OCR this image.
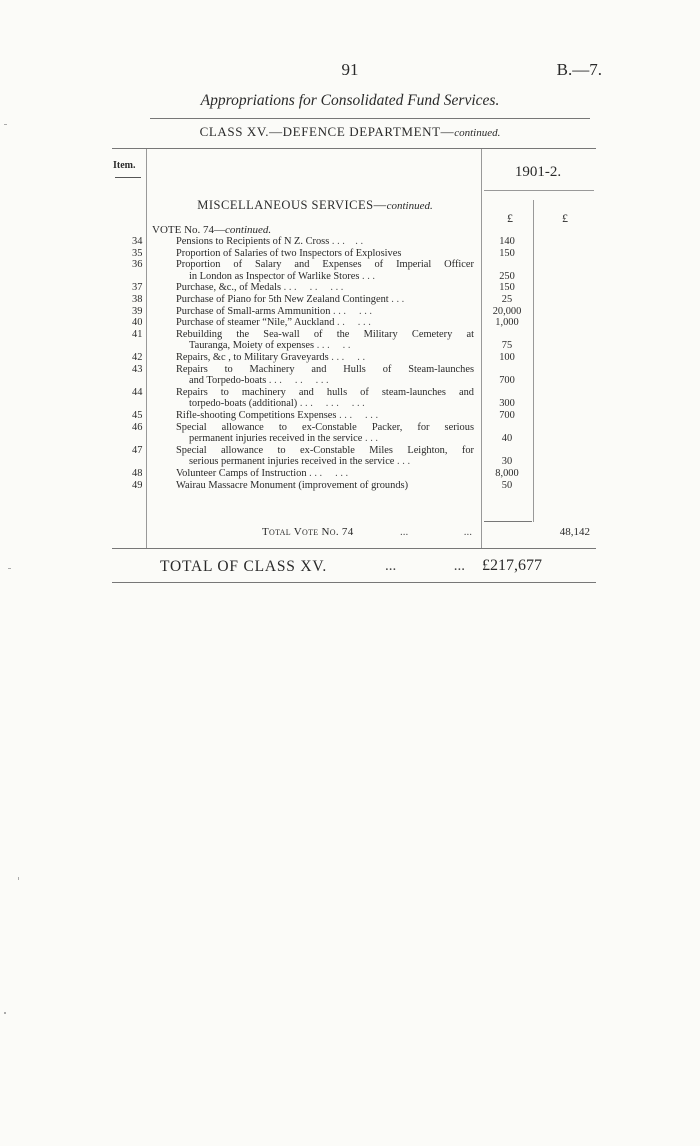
91	B.—7.
Appropriations for Consolidated Fund Services.
CLASS XV.—DEFENCE DEPARTMENT—continued.
Item.	1901-2.
MISCELLANEOUS SERVICES—continued.
£	£
VOTE No. 74—continued.
34	Pensions to Recipients of N Z. Cross . . .    . .	140
35	Proportion of Salaries of two Inspectors of Explosives	150
36	Proportion of Salary and Expenses of Imperial Officer
in London as Inspector of Warlike Stores . . .	250
37	Purchase, &c., of Medals . . .     . .     . . .	150
38	Purchase of Piano for 5th New Zealand Contingent . . .	25
39	Purchase of Small-arms Ammunition . . .     . . .	20,000
40	Purchase of steamer “Nile,” Auckland . .     . . .	1,000
41	Rebuilding the Sea-wall of the Military Cemetery at
Tauranga, Moiety of expenses . . .     . .	75
42	Repairs, &c , to Military Graveyards . . .     . .	100
43	Repairs to Machinery and Hulls of Steam-launches
and Torpedo-boats . . .     . .     . . .	700
44	Repairs to machinery and hulls of steam-launches and
torpedo-boats (additional) . . .     . . .     . . .	300
45	Rifle-shooting Competitions Expenses . . .     . . .	700
46	Special allowance to ex-Constable Packer, for serious
permanent injuries received in the service . . .	40
47	Special allowance to ex-Constable Miles Leighton, for
serious permanent injuries received in the service . . .	30
48	Volunteer Camps of Instruction . . .     . . .	8,000
49	Wairau Massacre Monument (improvement of grounds)	50
Total Vote No. 74	...	...	48,142
TOTAL OF CLASS XV.	...	... £217,677
